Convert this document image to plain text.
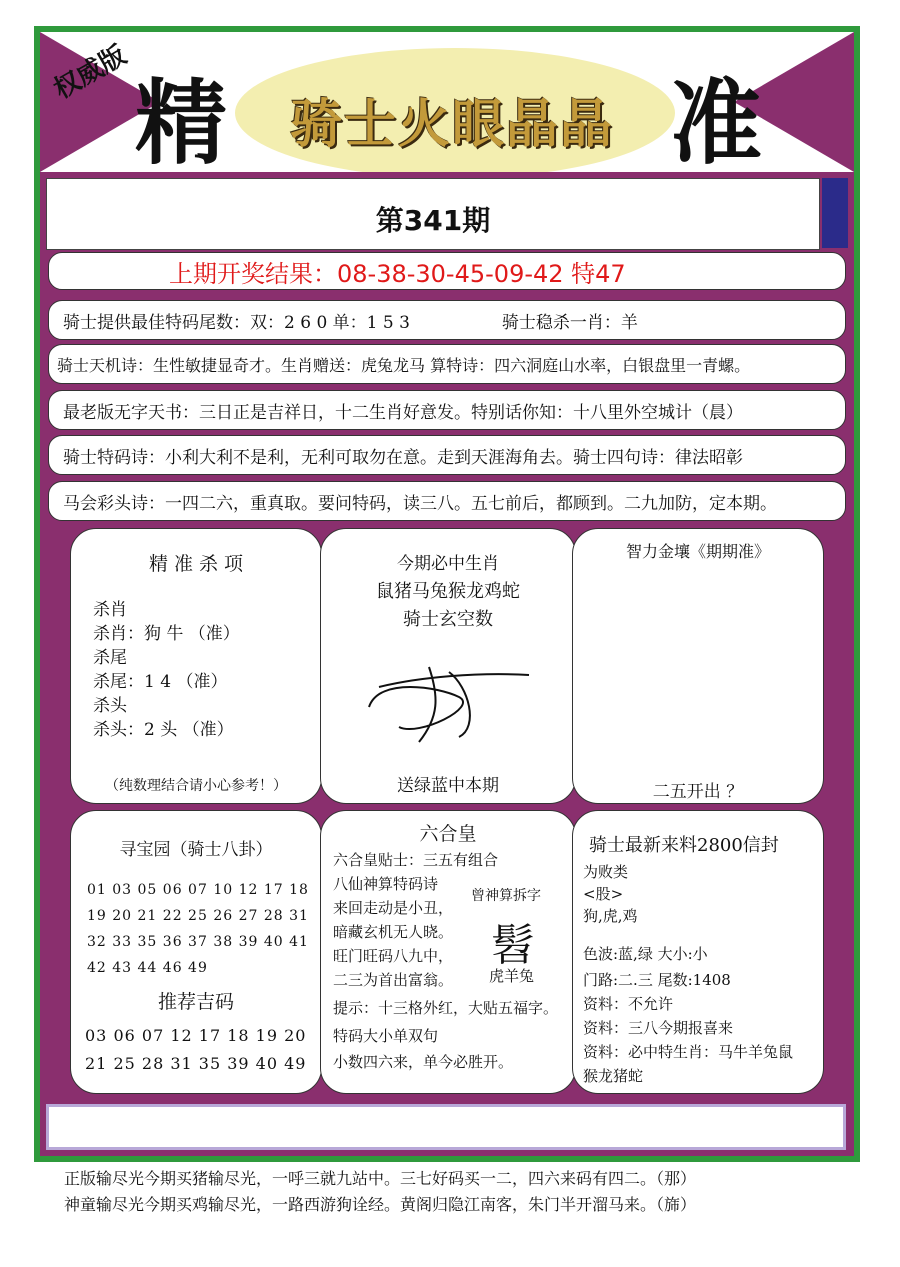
权威版 精 骑士火眼晶晶 准
第341期
上期开奖结果：08-38-30-45-09-42 特47
骑士提供最佳特码尾数：双：2 6 0 单：1 5 3	骑士稳杀一肖：羊
骑士天机诗：生性敏捷显奇才。生肖赠送：虎兔龙马 算特诗：四六洞庭山水率，白银盘里一青螺。
最老版无字天书：三日正是吉祥日，十二生肖好意发。特别话你知：十八里外空城计（晨）
骑士特码诗：小利大利不是利，无利可取勿在意。走到天涯海角去。骑士四句诗：律法昭彰
马会彩头诗：一四二六，重真取。要问特码，读三八。五七前后，都顾到。二九加防，定本期。
精 准 杀 项
杀肖
杀肖：狗 牛 （准）
杀尾
杀尾：1 4 （准）
杀头
杀头：2 头 （准）
（纯数理结合请小心参考！）
今期必中生肖
鼠猪马兔猴龙鸡蛇
骑士玄空数
送绿蓝中本期
智力金壤《期期准》
二五开出 ？
寻宝园（骑士八卦）
01 03 05 06 07 10 12 17 18
19 20 21 22 25 26 27 28 31
32 33 35 36 37 38 39 40 41
42 43 44 46 49
推荐吉码
03 06 07 12 17 18 19 20
21 25 28 31 35 39 40 49
六合皇
六合皇贴士：三五有组合
八仙神算特码诗
来回走动是小丑，
暗藏玄机无人晓。
旺门旺码八九中，
二三为首出富翁。
提示：十三格外红，大贴五福字。
特码大小单双句
小数四六来，单今必胜开。
曾神算拆字
髫
虎羊兔
骑士最新来料2800信封
为败类
<股>
狗,虎,鸡
色波:蓝,绿 大小:小
门路:二.三 尾数:1408
资料：不允许
资料：三八今期报喜来
资料：必中特生肖：马牛羊兔鼠
猴龙猪蛇
正版输尽光今期买猪输尽光，一呼三就九站中。三七好码买一二，四六来码有四二。（那）
神童输尽光今期买鸡输尽光，一路西游狗诠经。黄阁归隐江南客，朱门半开溜马来。（旆）
